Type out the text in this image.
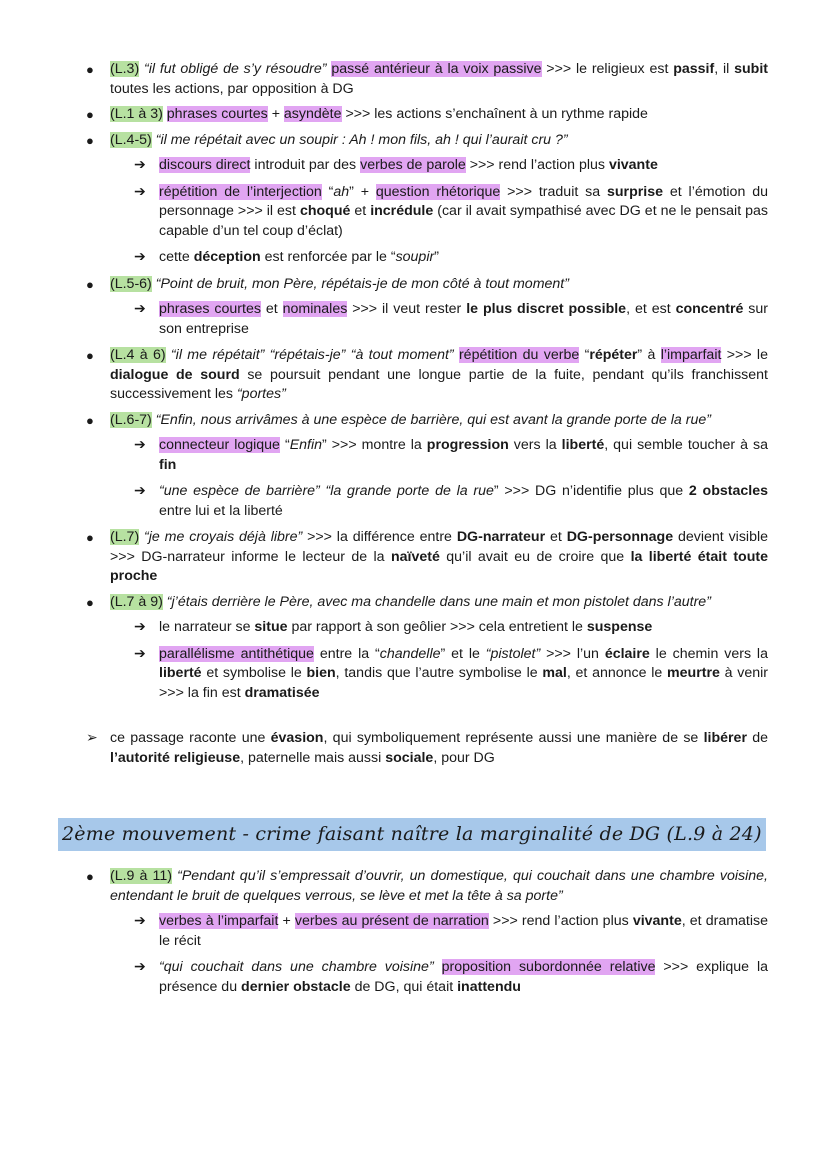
● (L.3) “il fut obligé de s’y résoudre” passé antérieur à la voix passive >>> le religieux est passif, il subit toutes les actions, par opposition à DG
● (L.1 à 3) phrases courtes + asyndète >>> les actions s’enchaînent à un rythme rapide
● (L.4-5) “il me répétait avec un soupir : Ah ! mon fils, ah ! qui l’aurait cru ?”
➔ discours direct introduit par des verbes de parole >>> rend l’action plus vivante
➔ répétition de l’interjection “ah” + question rhétorique >>> traduit sa surprise et l’émotion du personnage >>> il est choqué et incrédule (car il avait sympathisé avec DG et ne le pensait pas capable d’un tel coup d’éclat)
➔ cette déception est renforcée par le “soupir”
● (L.5-6) “Point de bruit, mon Père, répétais-je de mon côté à tout moment”
➔ phrases courtes et nominales >>> il veut rester le plus discret possible, et est concentré sur son entreprise
● (L.4 à 6) “il me répétait” “répétais-je” “à tout moment” répétition du verbe “répéter” à l’imparfait >>> le dialogue de sourd se poursuit pendant une longue partie de la fuite, pendant qu’ils franchissent successivement les “portes”
● (L.6-7) “Enfin, nous arrivâmes à une espèce de barrière, qui est avant la grande porte de la rue”
➔ connecteur logique “Enfin” >>> montre la progression vers la liberté, qui semble toucher à sa fin
➔ “une espèce de barrière” “la grande porte de la rue” >>> DG n’identifie plus que 2 obstacles entre lui et la liberté
● (L.7) “je me croyais déjà libre” >>> la différence entre DG-narrateur et DG-personnage devient visible >>> DG-narrateur informe le lecteur de la naïveté qu’il avait eu de croire que la liberté était toute proche
● (L.7 à 9) “j’étais derrière le Père, avec ma chandelle dans une main et mon pistolet dans l’autre”
➔ le narrateur se situe par rapport à son geôlier >>> cela entretient le suspense
➔ parallélisme antithétique entre la “chandelle” et le “pistolet” >>> l’un éclaire le chemin vers la liberté et symbolise le bien, tandis que l’autre symbolise le mal, et annonce le meurtre à venir >>> la fin est dramatisée
➢ ce passage raconte une évasion, qui symboliquement représente aussi une manière de se libérer de l’autorité religieuse, paternelle mais aussi sociale, pour DG
2ème mouvement - crime faisant naître la marginalité de DG (L.9 à 24)
● (L.9 à 11) “Pendant qu’il s’empressait d’ouvrir, un domestique, qui couchait dans une chambre voisine, entendant le bruit de quelques verrous, se lève et met la tête à sa porte”
➔ verbes à l’imparfait + verbes au présent de narration >>> rend l’action plus vivante, et dramatise le récit
➔ “qui couchait dans une chambre voisine” proposition subordonnée relative >>> explique la présence du dernier obstacle de DG, qui était inattendu
